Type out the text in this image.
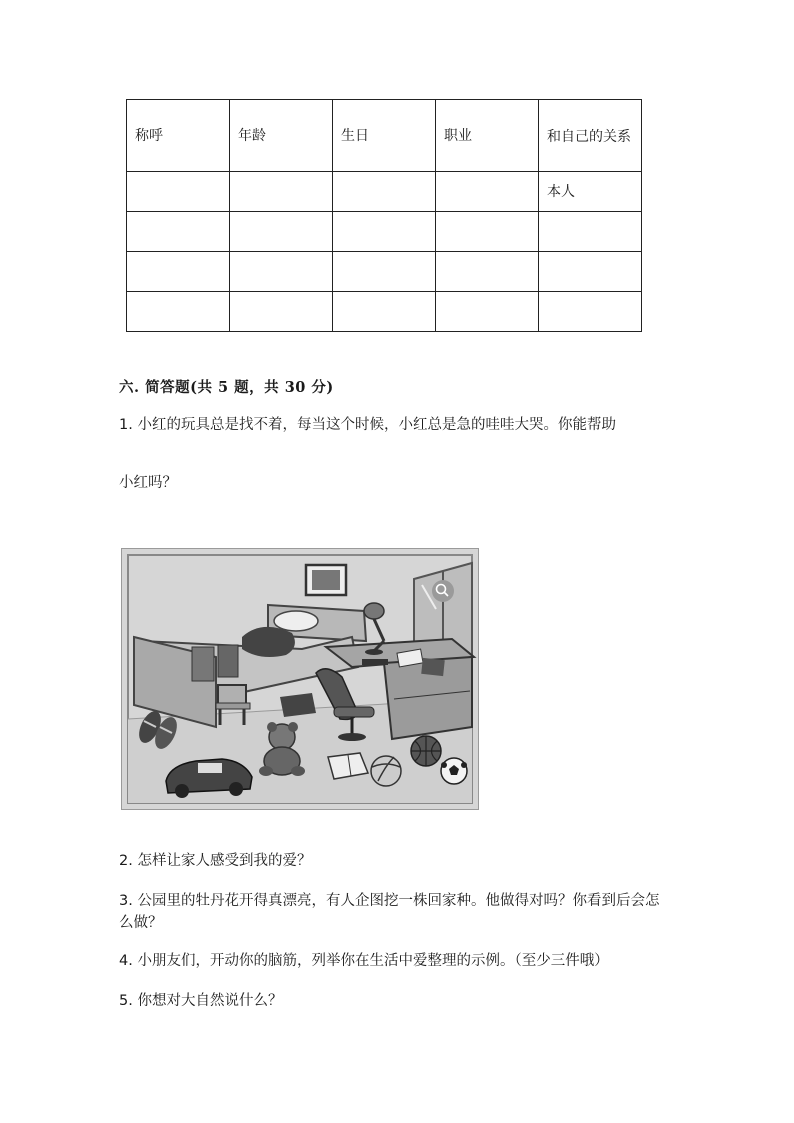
称呼	年龄	生日	职业	和自己的关系
				本人

六. 简答题(共 5 题，共 30 分)
1. 小红的玩具总是找不着，每当这个时候，小红总是急的哇哇大哭。你能帮助
小红吗？
2. 怎样让家人感受到我的爱？
3. 公园里的牡丹花开得真漂亮，有人企图挖一株回家种。他做得对吗？你看到后会怎么做？
4. 小朋友们，开动你的脑筋，列举你在生活中爱整理的示例。（至少三件哦）
5. 你想对大自然说什么？
